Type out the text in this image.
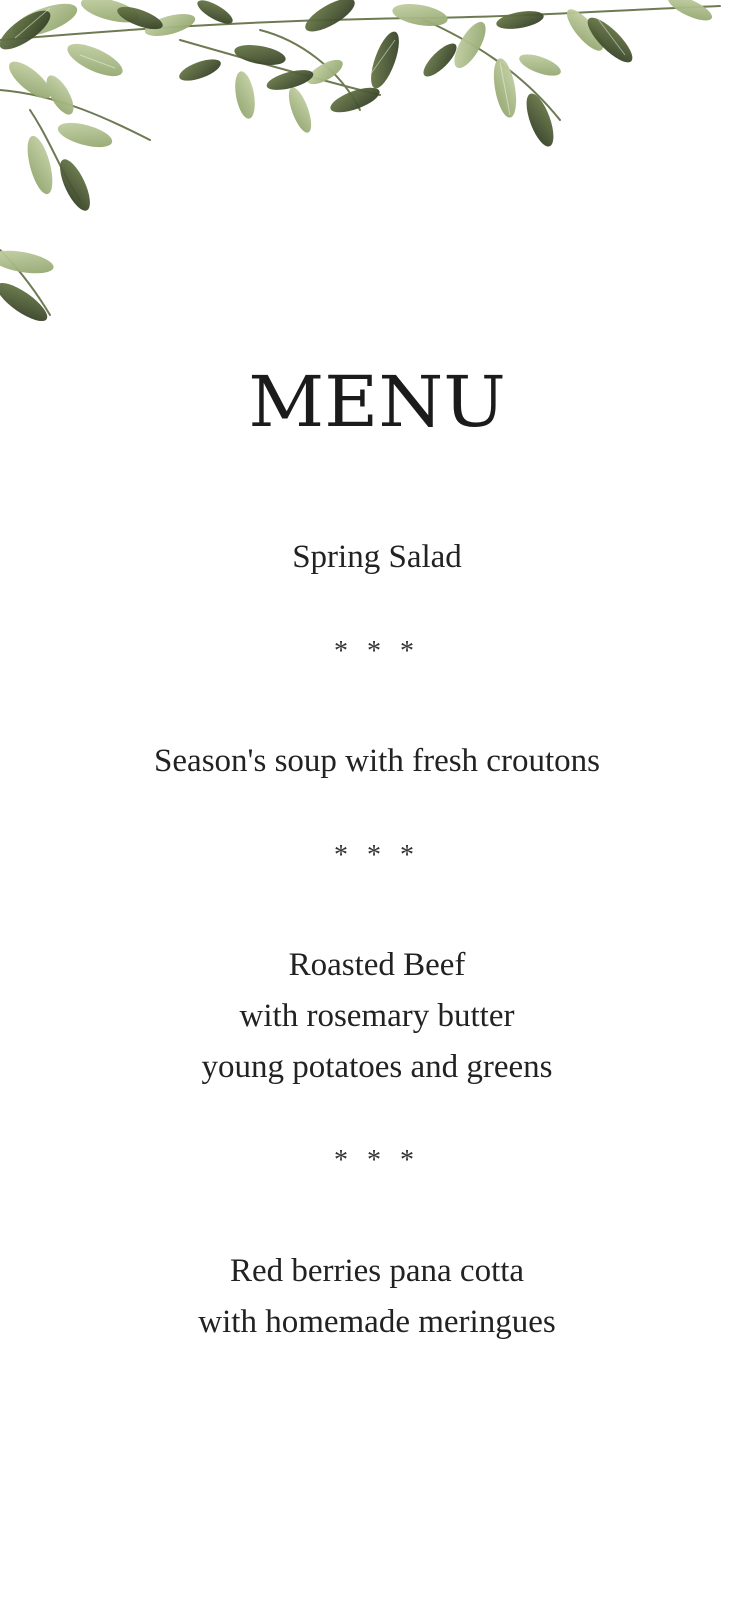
MENU
Spring Salad
* * *
Season's soup with fresh croutons
* * *
Roasted Beef
with rosemary butter
young potatoes and greens
* * *
Red berries pana cotta
with homemade meringues
